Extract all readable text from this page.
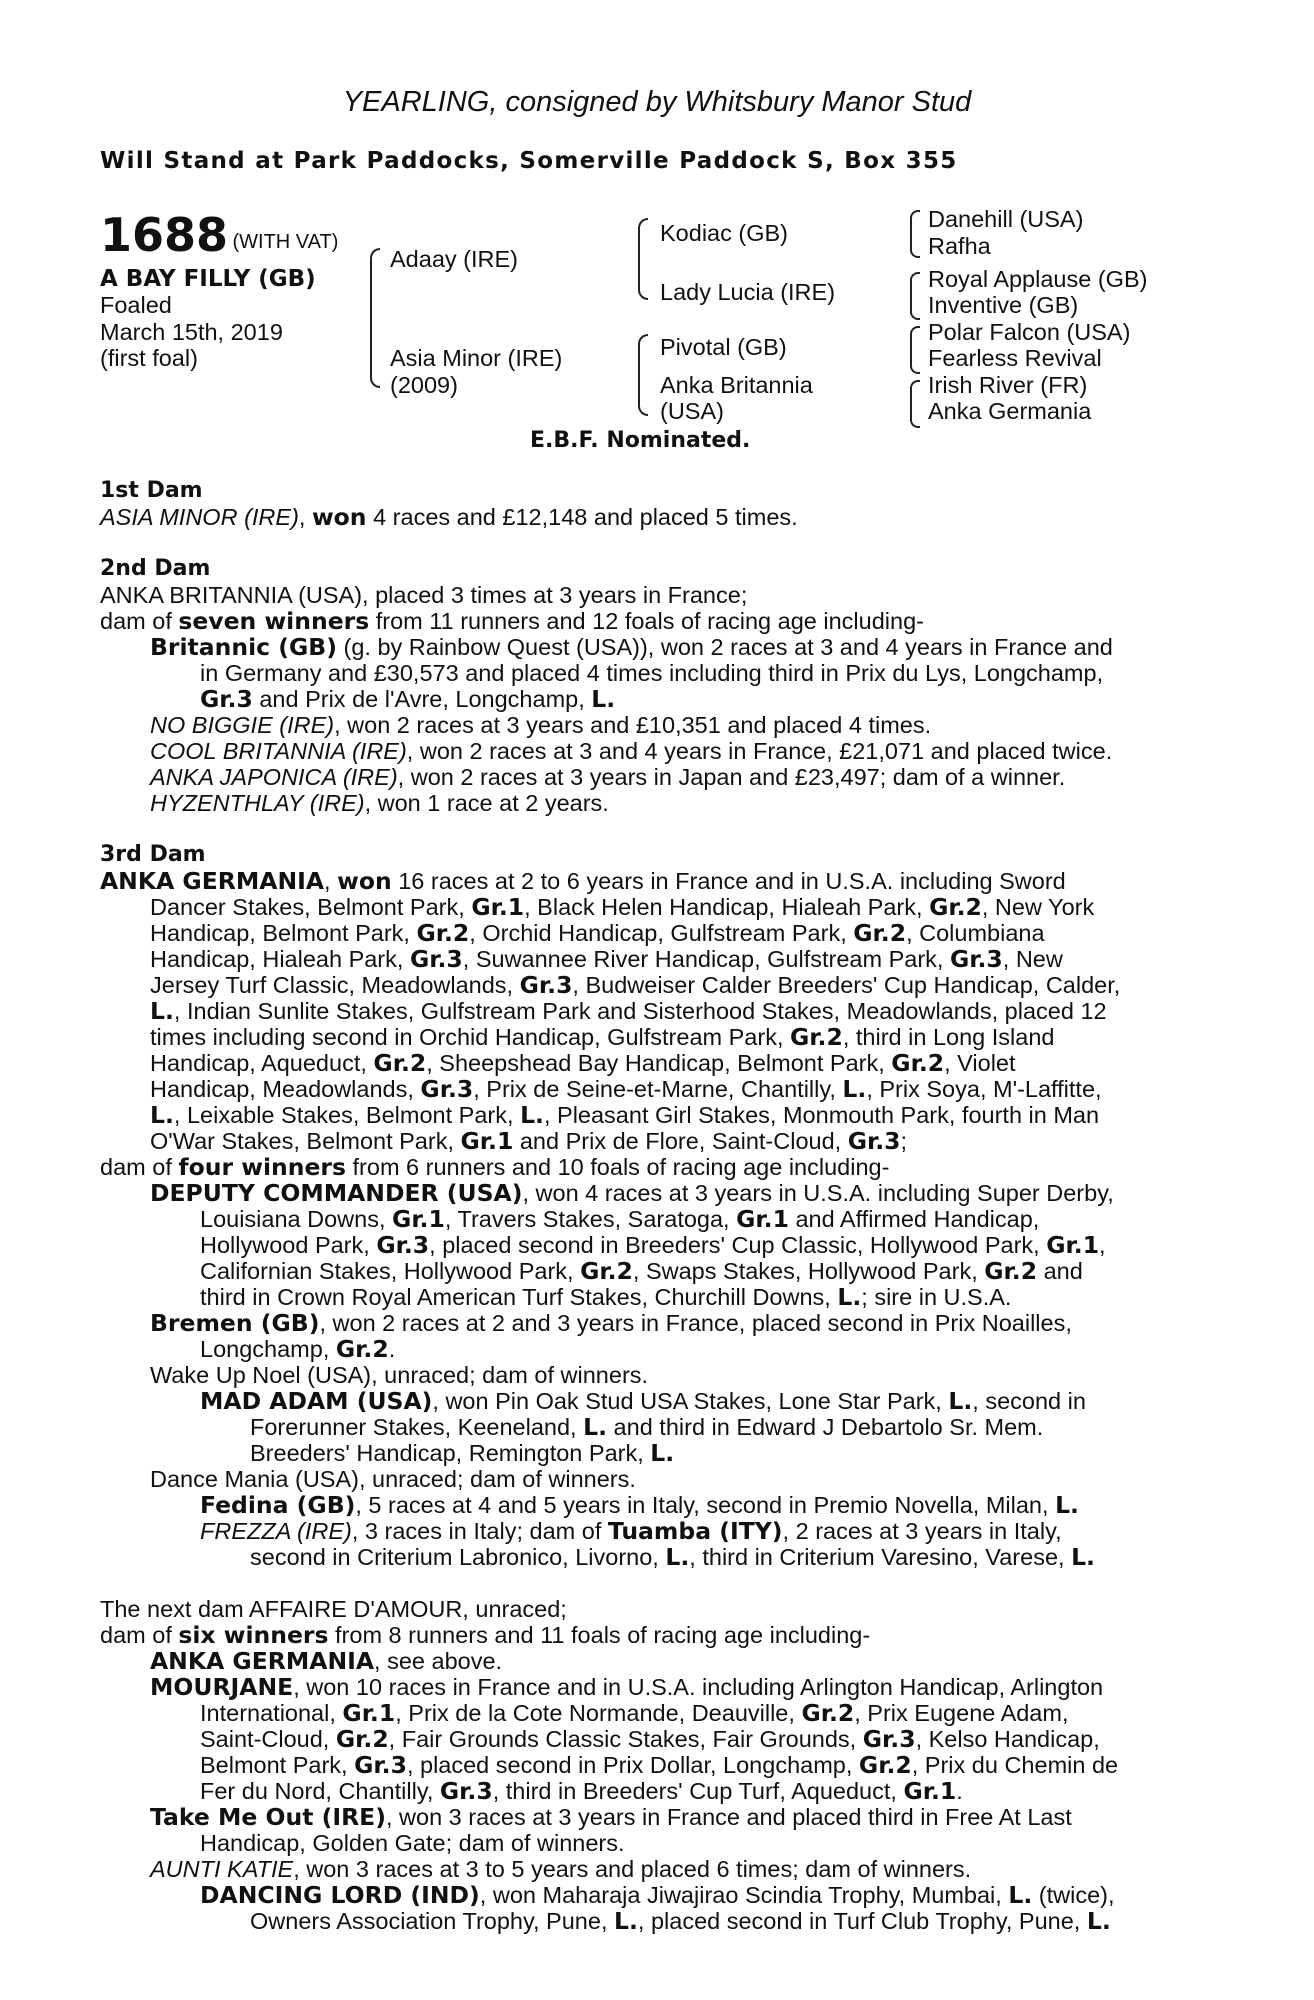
YEARLING, consigned by Whitsbury Manor Stud
Will Stand at Park Paddocks, Somerville Paddock S, Box 355
1688 (WITH VAT)
A BAY FILLY (GB)
Foaled
March 15th, 2019
(first foal)
Adaay (IRE)
Asia Minor (IRE)
(2009)
Kodiac (GB)
Lady Lucia (IRE)
Pivotal (GB)
Anka Britannia
(USA)
Danehill (USA)
Rafha
Royal Applause (GB)
Inventive (GB)
Polar Falcon (USA)
Fearless Revival
Irish River (FR)
Anka Germania
E.B.F. Nominated.
1st Dam
ASIA MINOR (IRE), won 4 races and £12,148 and placed 5 times.
2nd Dam
ANKA BRITANNIA (USA), placed 3 times at 3 years in France;
dam of seven winners from 11 runners and 12 foals of racing age including-
Britannic (GB) (g. by Rainbow Quest (USA)), won 2 races at 3 and 4 years in France and
in Germany and £30,573 and placed 4 times including third in Prix du Lys, Longchamp,
Gr.3 and Prix de l'Avre, Longchamp, L.
NO BIGGIE (IRE), won 2 races at 3 years and £10,351 and placed 4 times.
COOL BRITANNIA (IRE), won 2 races at 3 and 4 years in France, £21,071 and placed twice.
ANKA JAPONICA (IRE), won 2 races at 3 years in Japan and £23,497; dam of a winner.
HYZENTHLAY (IRE), won 1 race at 2 years.
3rd Dam
ANKA GERMANIA, won 16 races at 2 to 6 years in France and in U.S.A. including Sword
Dancer Stakes, Belmont Park, Gr.1, Black Helen Handicap, Hialeah Park, Gr.2, New York
Handicap, Belmont Park, Gr.2, Orchid Handicap, Gulfstream Park, Gr.2, Columbiana
Handicap, Hialeah Park, Gr.3, Suwannee River Handicap, Gulfstream Park, Gr.3, New
Jersey Turf Classic, Meadowlands, Gr.3, Budweiser Calder Breeders' Cup Handicap, Calder,
L., Indian Sunlite Stakes, Gulfstream Park and Sisterhood Stakes, Meadowlands, placed 12
times including second in Orchid Handicap, Gulfstream Park, Gr.2, third in Long Island
Handicap, Aqueduct, Gr.2, Sheepshead Bay Handicap, Belmont Park, Gr.2, Violet
Handicap, Meadowlands, Gr.3, Prix de Seine-et-Marne, Chantilly, L., Prix Soya, M'-Laffitte,
L., Leixable Stakes, Belmont Park, L., Pleasant Girl Stakes, Monmouth Park, fourth in Man
O'War Stakes, Belmont Park, Gr.1 and Prix de Flore, Saint-Cloud, Gr.3;
dam of four winners from 6 runners and 10 foals of racing age including-
DEPUTY COMMANDER (USA), won 4 races at 3 years in U.S.A. including Super Derby,
Louisiana Downs, Gr.1, Travers Stakes, Saratoga, Gr.1 and Affirmed Handicap,
Hollywood Park, Gr.3, placed second in Breeders' Cup Classic, Hollywood Park, Gr.1,
Californian Stakes, Hollywood Park, Gr.2, Swaps Stakes, Hollywood Park, Gr.2 and
third in Crown Royal American Turf Stakes, Churchill Downs, L.; sire in U.S.A.
Bremen (GB), won 2 races at 2 and 3 years in France, placed second in Prix Noailles,
Longchamp, Gr.2.
Wake Up Noel (USA), unraced; dam of winners.
MAD ADAM (USA), won Pin Oak Stud USA Stakes, Lone Star Park, L., second in
Forerunner Stakes, Keeneland, L. and third in Edward J Debartolo Sr. Mem.
Breeders' Handicap, Remington Park, L.
Dance Mania (USA), unraced; dam of winners.
Fedina (GB), 5 races at 4 and 5 years in Italy, second in Premio Novella, Milan, L.
FREZZA (IRE), 3 races in Italy; dam of Tuamba (ITY), 2 races at 3 years in Italy,
second in Criterium Labronico, Livorno, L., third in Criterium Varesino, Varese, L.
The next dam AFFAIRE D'AMOUR, unraced;
dam of six winners from 8 runners and 11 foals of racing age including-
ANKA GERMANIA, see above.
MOURJANE, won 10 races in France and in U.S.A. including Arlington Handicap, Arlington
International, Gr.1, Prix de la Cote Normande, Deauville, Gr.2, Prix Eugene Adam,
Saint-Cloud, Gr.2, Fair Grounds Classic Stakes, Fair Grounds, Gr.3, Kelso Handicap,
Belmont Park, Gr.3, placed second in Prix Dollar, Longchamp, Gr.2, Prix du Chemin de
Fer du Nord, Chantilly, Gr.3, third in Breeders' Cup Turf, Aqueduct, Gr.1.
Take Me Out (IRE), won 3 races at 3 years in France and placed third in Free At Last
Handicap, Golden Gate; dam of winners.
AUNTI KATIE, won 3 races at 3 to 5 years and placed 6 times; dam of winners.
DANCING LORD (IND), won Maharaja Jiwajirao Scindia Trophy, Mumbai, L. (twice),
Owners Association Trophy, Pune, L., placed second in Turf Club Trophy, Pune, L.
